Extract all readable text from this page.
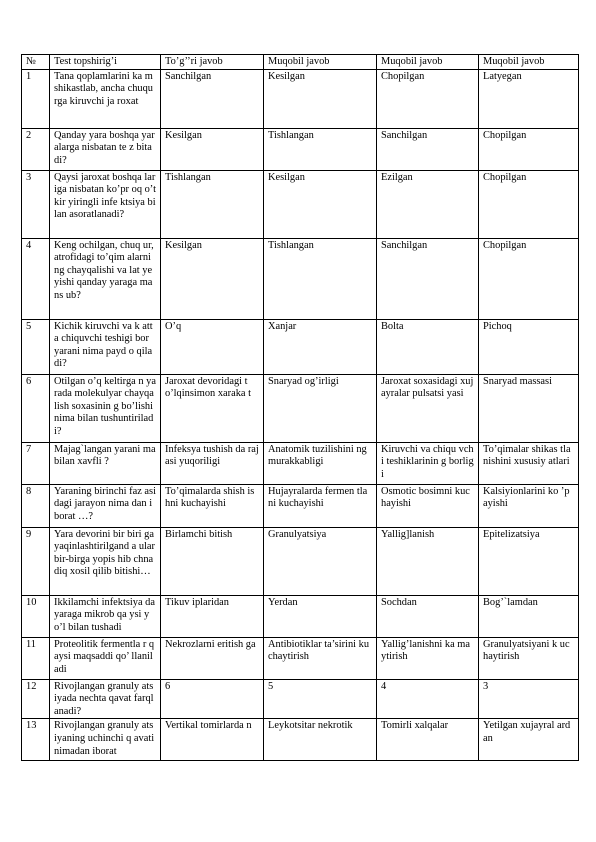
№	Test topshirig’i	To’g’’ri javob	Muqobil javob	Muqobil javob	Muqobil javob
1	Tana qoplamlarini ka m shikastlab, ancha chuqurga kiruvchi ja roxat	Sanchilgan	Kesilgan	Chopilgan	Latyegan
2	Qanday yara boshqa yaralarga nisbatan te z bitadi?	Kesilgan	Tishlangan	Sanchilgan	Chopilgan
3	Qaysi jaroxat boshqa lariga nisbatan ko’pr oq o’tkir yiringli infe ktsiya bilan asoratlanadi?	Tishlangan	Kesilgan	Ezilgan	Chopilgan
4	Keng ochilgan, chuq ur, atrofidagi to’qim alarning chayqalishi va lat yeyishi qanday yaraga mans ub?	Kesilgan	Tishlangan	Sanchilgan	Chopilgan
5	Kichik kiruvchi va k atta chiquvchi teshigi bor yarani nima payd o qiladi?	O’q	Xanjar	Bolta	Pichoq
6	Otilgan o’q keltirga n yarada molekulyar chayqalish soxasinin g bo’lishi nima bilan tushuntiriladi?	Jaroxat devoridagi t o’lqinsimon xaraka t	Snaryad og’irligi	Jaroxat soxasidagi xujayralar pulsatsi yasi	Snaryad massasi
7	Majag`langan yarani mabilan xavfli ?	Infeksya tushish da rajasi yuqoriligi	Anatomik tuzilishini ng murakkabligi	Kiruvchi va chiqu vchi teshiklarinin g borligi	To’qimalar shikas tlanishini xususiy atlari
8	Yaraning birinchi faz asidagi jarayon nima dan iborat …?	To’qimalarda shish ishni kuchayishi	Hujayralarda fermen tlani kuchayishi	Osmotic bosimni kuchayishi	Kalsiyionlarini ko ’payishi
9	Yara devorini bir biri ga yaqinlashtirilgand a ular bir-birga yopis hib chnadiq xosil qilib bitishi…	Birlamchi bitish	Granulyatsiya	Yallig]lanish	Epitelizatsiya
10	Ikkilamchi infektsiya da yaraga mikrob qa ysi yo’l bilan tushadi	Tikuv iplaridan	Yerdan	Sochdan	Bog’`lamdan
11	Proteolitik fermentla r qaysi maqsaddi qo’ llaniladi	Nekrozlarni eritish ga	Antibiotiklar ta’sirini kuchaytirish	Yallig’lanishni ka maytirish	Granulyatsiyani k uchaytirish
12	Rivojlangan granuly atsiyada nechta qavat farqlanadi?	6	5	4	3
13	Rivojlangan granuly atsiyaning uchinchi q avati nimadan iborat	Vertikal tomirlarda n	Leykotsitar nekrotik	Tomirli xalqalar	Yetilgan xujayral ardan
